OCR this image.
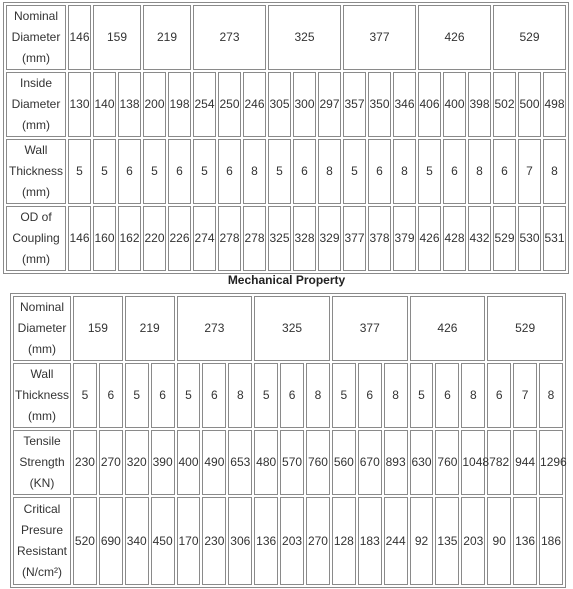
Nominal
Diameter
(mm)	146	159		219		273			325			377			426			529		

Inside
Diameter
(mm)	130	140	138	200	198	254	250	246	305	300	297	357	350	346	406	400	398	502	500	498

Wall
Thickness
(mm)	5	5	6	5	6	5	6	8	5	6	8	5	6	8	5	6	8	6	7	8

OD of
Coupling
(mm)	146	160	162	220	226	274	278	278	325	328	329	377	378	379	426	428	432	529	530	531
Mechanical Property
Nominal
Diameter
(mm)	159		219		273			325			377			426			529		

Wall
Thickness
(mm)	5	6	5	6	5	6	8	5	6	8	5	6	8	5	6	8	6	7	8

Tensile
Strength
(KN)	230	270	320	390	400	490	653	480	570	760	560	670	893	630	760	1048	782	944	1296

Critical
Presure
Resistant
(N/cm²)	520	690	340	450	170	230	306	136	203	270	128	183	244	92	135	203	90	136	186
